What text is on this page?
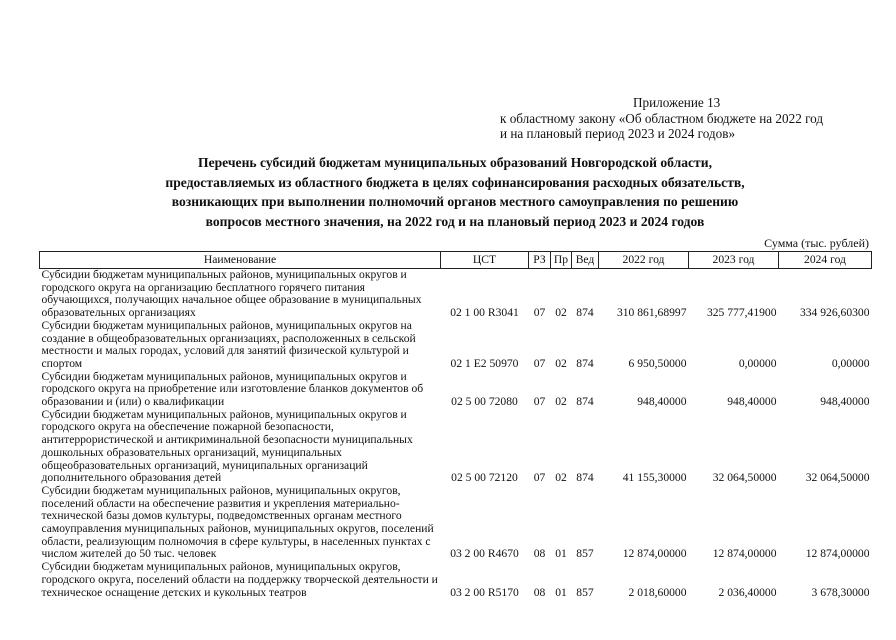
Приложение 13
к областному закону «Об областном бюджете на 2022 год
и на плановый период 2023 и 2024 годов»
Перечень субсидий бюджетам муниципальных образований Новгородской области,
предоставляемых из областного бюджета в целях софинансирования расходных обязательств,
возникающих при выполнении полномочий органов местного самоуправления по решению
вопросов местного значения, на 2022 год и на плановый период 2023 и 2024 годов
Сумма (тыс. рублей)
Наименование	ЦСТ	РЗ	Пр	Вед	2022 год	2023 год	2024 год
Субсидии бюджетам муниципальных районов, муниципальных округов и городского округа на организацию бесплатного горячего питания обучающихся, получающих начальное общее образование в муниципальных образовательных организациях	02 1 00 R3041	07	02	874	310 861,68997	325 777,41900	334 926,60300
Субсидии бюджетам муниципальных районов, муниципальных округов на создание в общеобразовательных организациях, расположенных в сельской местности и малых городах, условий для занятий физической культурой и спортом	02 1 E2 50970	07	02	874	6 950,50000	0,00000	0,00000
Субсидии бюджетам муниципальных районов, муниципальных округов и городского округа на приобретение или изготовление бланков документов об образовании и (или) о квалификации	02 5 00 72080	07	02	874	948,40000	948,40000	948,40000
Субсидии бюджетам муниципальных районов, муниципальных округов и городского округа на обеспечение пожарной безопасности, антитеррористической и антикриминальной безопасности муниципальных дошкольных образовательных организаций, муниципальных общеобразовательных организаций, муниципальных организаций дополнительного образования детей	02 5 00 72120	07	02	874	41 155,30000	32 064,50000	32 064,50000
Субсидии бюджетам муниципальных районов, муниципальных округов, поселений области на обеспечение развития и укрепления материально-технической базы домов культуры, подведомственных органам местного самоуправления муниципальных районов, муниципальных округов, поселений области, реализующим полномочия в сфере культуры, в населенных пунктах с числом жителей до 50 тыс. человек	03 2 00 R4670	08	01	857	12 874,00000	12 874,00000	12 874,00000
Субсидии бюджетам муниципальных районов, муниципальных округов, городского округа, поселений области на поддержку творческой деятельности и техническое оснащение детских и кукольных театров	03 2 00 R5170	08	01	857	2 018,60000	2 036,40000	3 678,30000
